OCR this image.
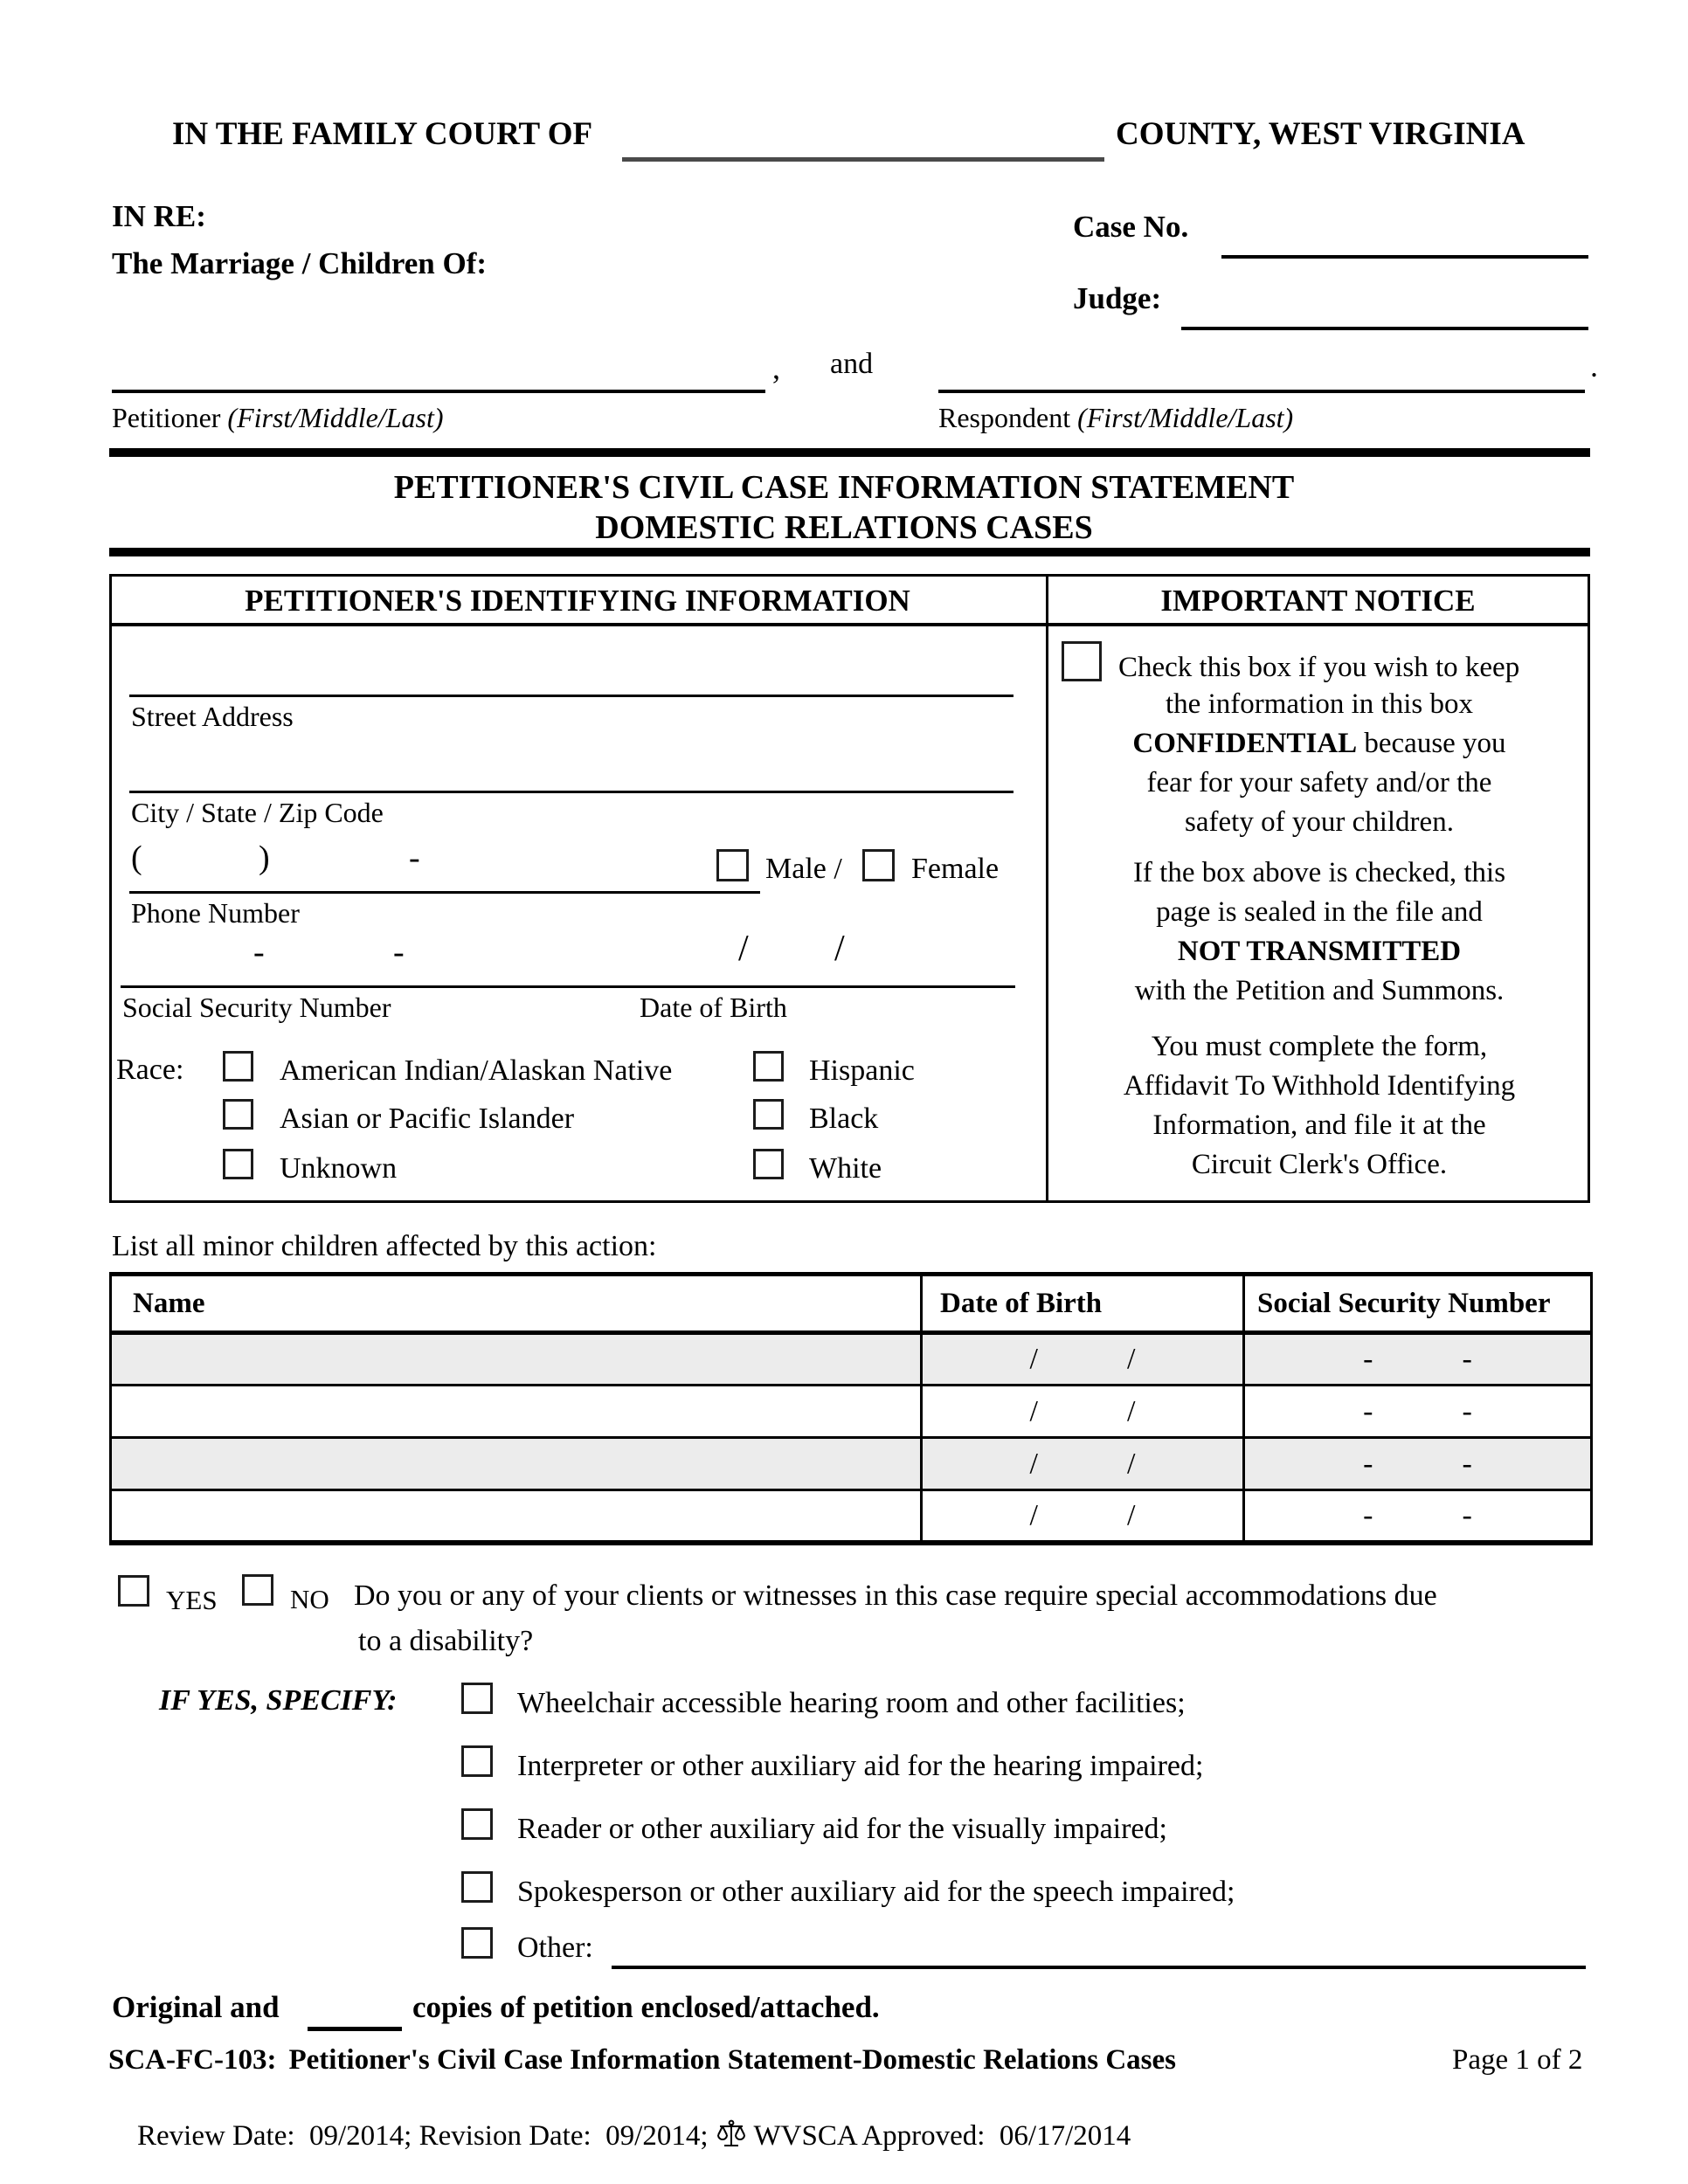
IN THE FAMILY COURT OF	COUNTY, WEST VIRGINIA
IN RE:
The Marriage / Children Of:
Case No.
Judge:
, and	.
Petitioner (First/Middle/Last)	Respondent (First/Middle/Last)
PETITIONER'S CIVIL CASE INFORMATION STATEMENT
DOMESTIC RELATIONS CASES
PETITIONER'S IDENTIFYING INFORMATION	IMPORTANT NOTICE
Street Address
City / State / Zip Code
(	)	-	Male / Female
Phone Number
-	-
Social Security Number
/ /
Date of Birth
Race:	American Indian/Alaskan Native
Asian or Pacific Islander
Unknown
Hispanic
Black
White
Check this box if you wish to keep
the information in this box
CONFIDENTIAL because you
fear for your safety and/or the
safety of your children.
If the box above is checked, this
page is sealed in the file and
NOT TRANSMITTED
with the Petition and Summons.
You must complete the form,
Affidavit To Withhold Identifying
Information, and file it at the
Circuit Clerk's Office.
List all minor children affected by this action:
Name	Date of Birth	Social Security Number
	/            /	-            -
	/            /	-            -
	/            /	-            -
	/            /	-            -
YES	NO Do you or any of your clients or witnesses in this case require special accommodations due
to a disability?
IF YES, SPECIFY:	Wheelchair accessible hearing room and other facilities;
Interpreter or other auxiliary aid for the hearing impaired;
Reader or other auxiliary aid for the visually impaired;
Spokesperson or other auxiliary aid for the speech impaired;
Other:
Original and	copies of petition enclosed/attached.
SCA-FC-103: Petitioner's Civil Case Information Statement-Domestic Relations Cases	Page 1 of 2

Review Date:  09/2014; Revision Date:  09/2014; WVSCA Approved:  06/17/2014
